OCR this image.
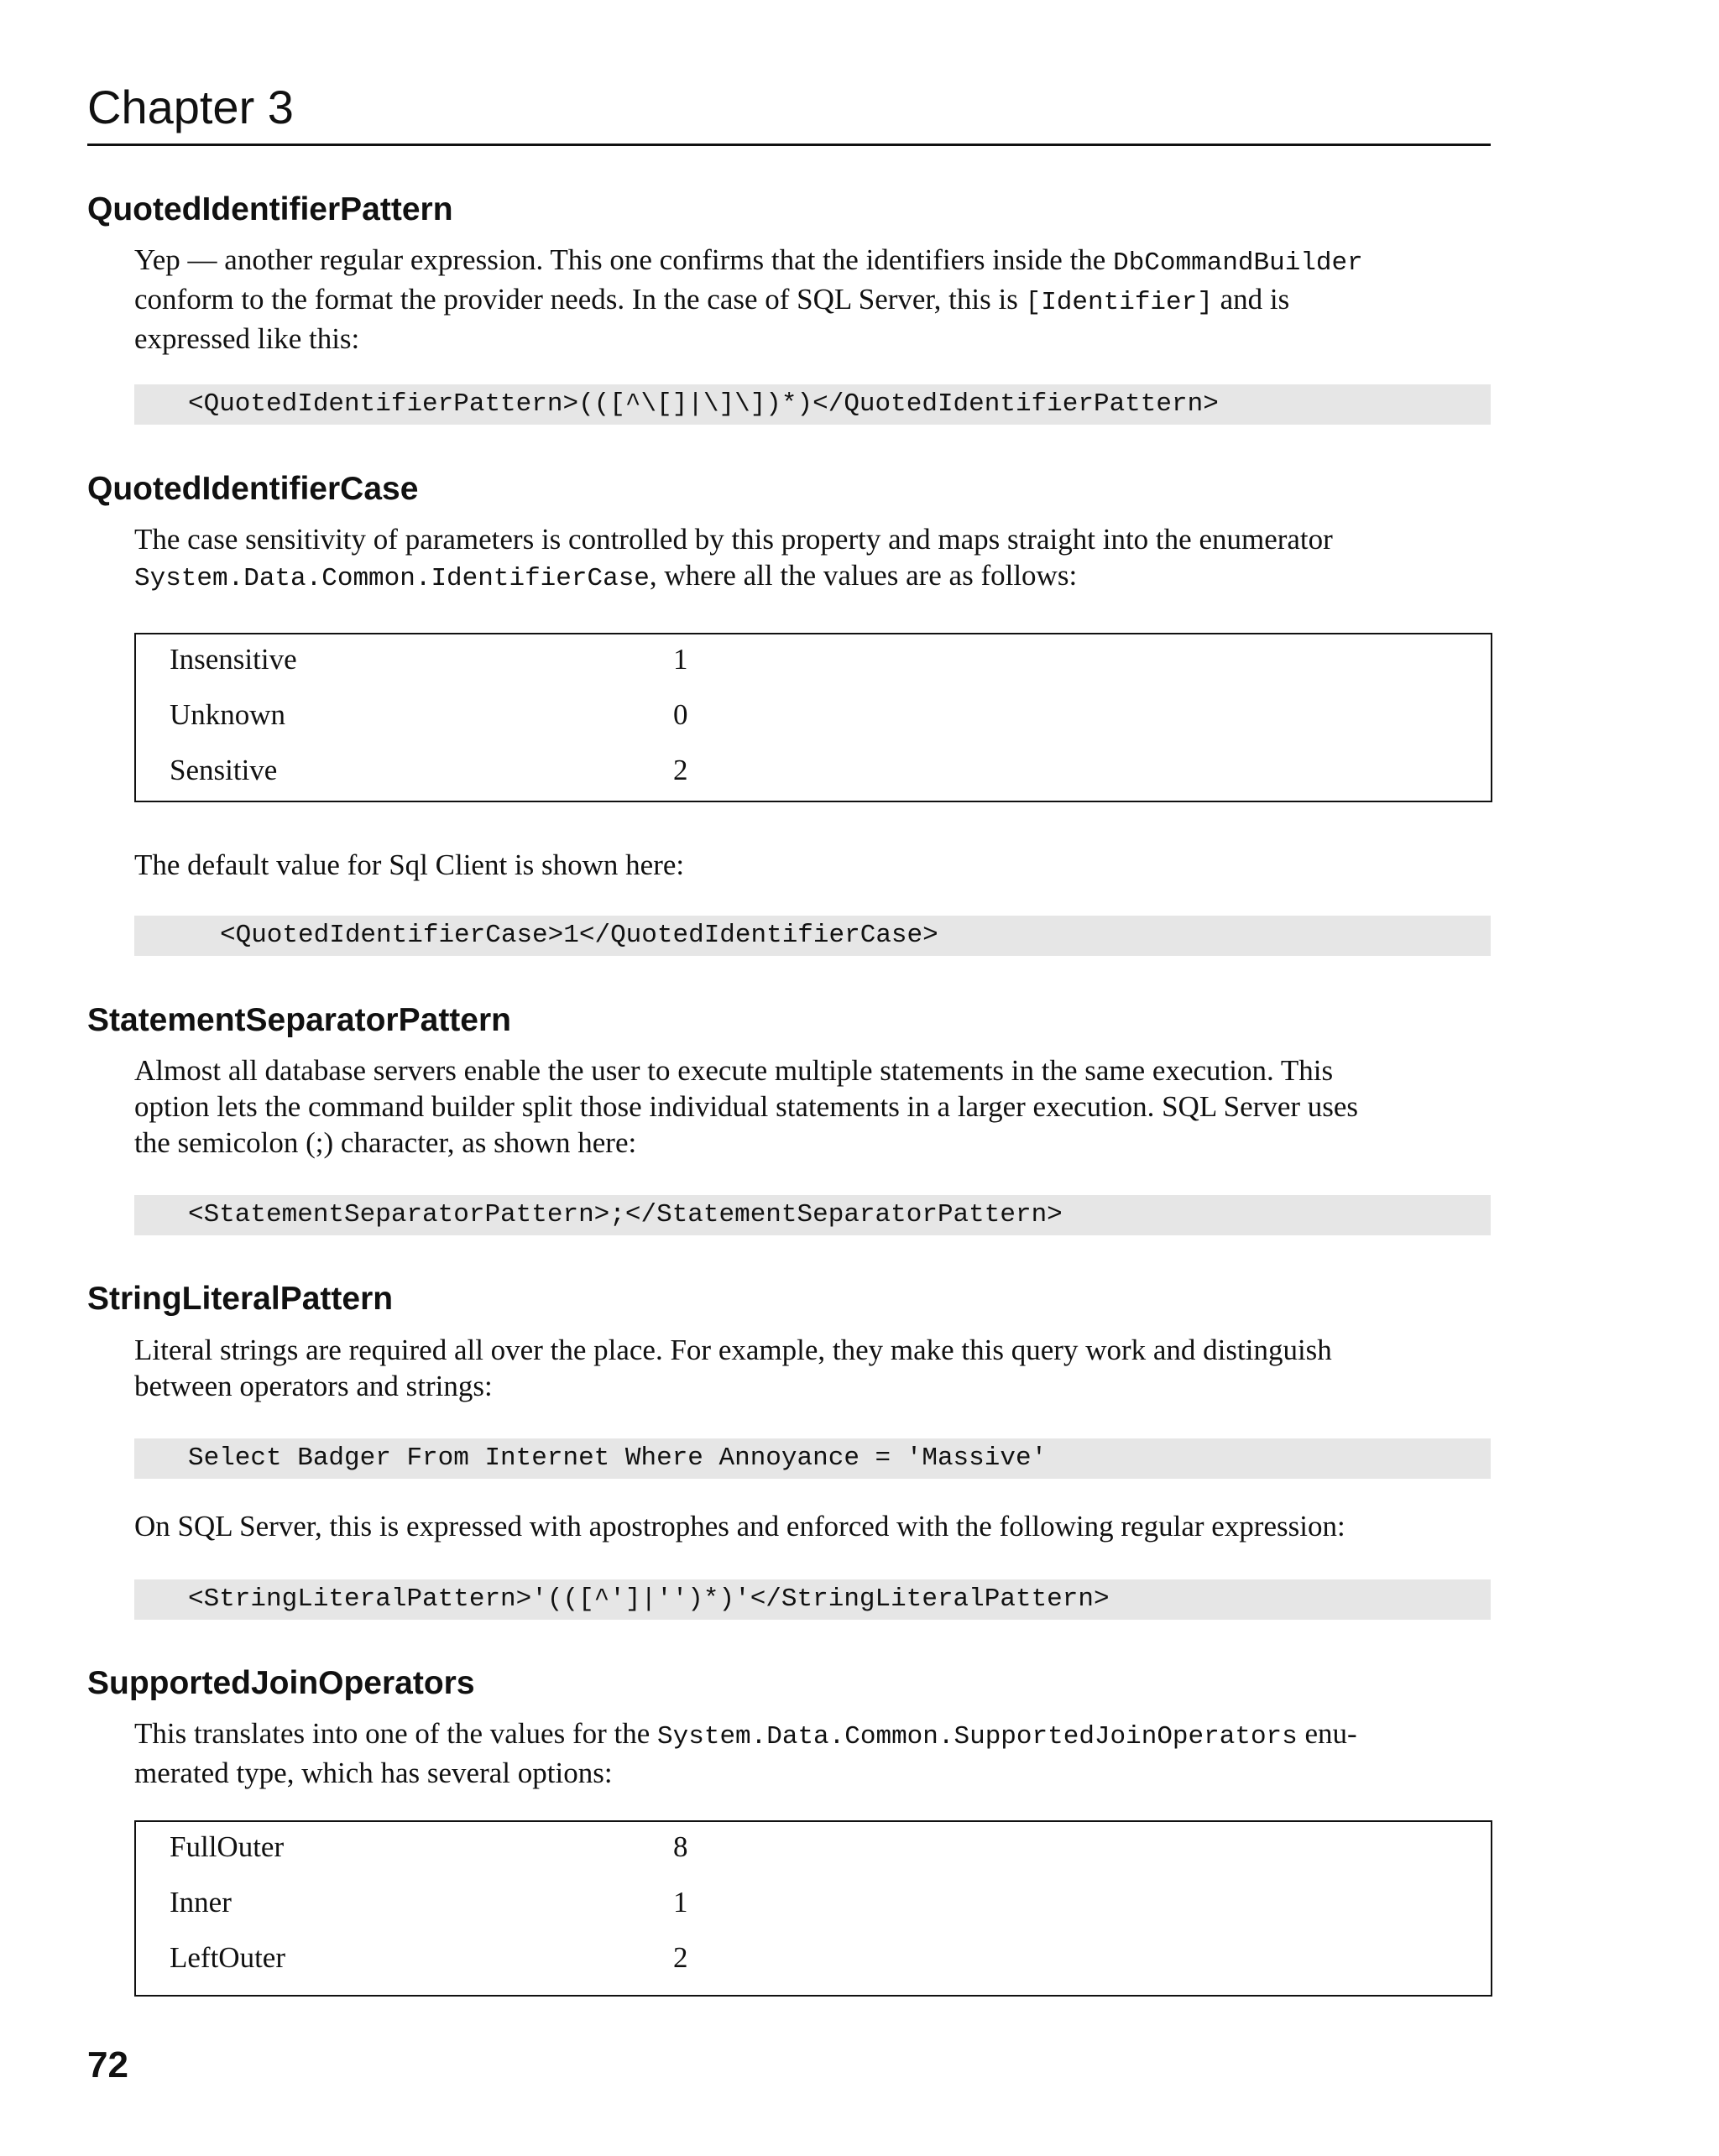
Chapter 3
QuotedIdentifierPattern
Yep — another regular expression. This one confirms that the identifiers inside the DbCommandBuilder
conform to the format the provider needs. In the case of SQL Server, this is [Identifier] and is
expressed like this:

<QuotedIdentifierPattern>(([^\[]|\]\])*)</QuotedIdentifierPattern>

QuotedIdentifierCase
The case sensitivity of parameters is controlled by this property and maps straight into the enumerator
System.Data.Common.IdentifierCase, where all the values are as follows:
Insensitive	1
Unknown	0
Sensitive	2
The default value for Sql Client is shown here:

<QuotedIdentifierCase>1</QuotedIdentifierCase>

StatementSeparatorPattern
Almost all database servers enable the user to execute multiple statements in the same execution. This
option lets the command builder split those individual statements in a larger execution. SQL Server uses
the semicolon (;) character, as shown here:

<StatementSeparatorPattern>;</StatementSeparatorPattern>

StringLiteralPattern
Literal strings are required all over the place. For example, they make this query work and distinguish
between operators and strings:

Select Badger From Internet Where Annoyance = 'Massive'

On SQL Server, this is expressed with apostrophes and enforced with the following regular expression:

<StringLiteralPattern>'(([^']|'')*)'</StringLiteralPattern>

SupportedJoinOperators
This translates into one of the values for the System.Data.Common.SupportedJoinOperators enu-
merated type, which has several options:
FullOuter	8
Inner	1
LeftOuter	2
72
